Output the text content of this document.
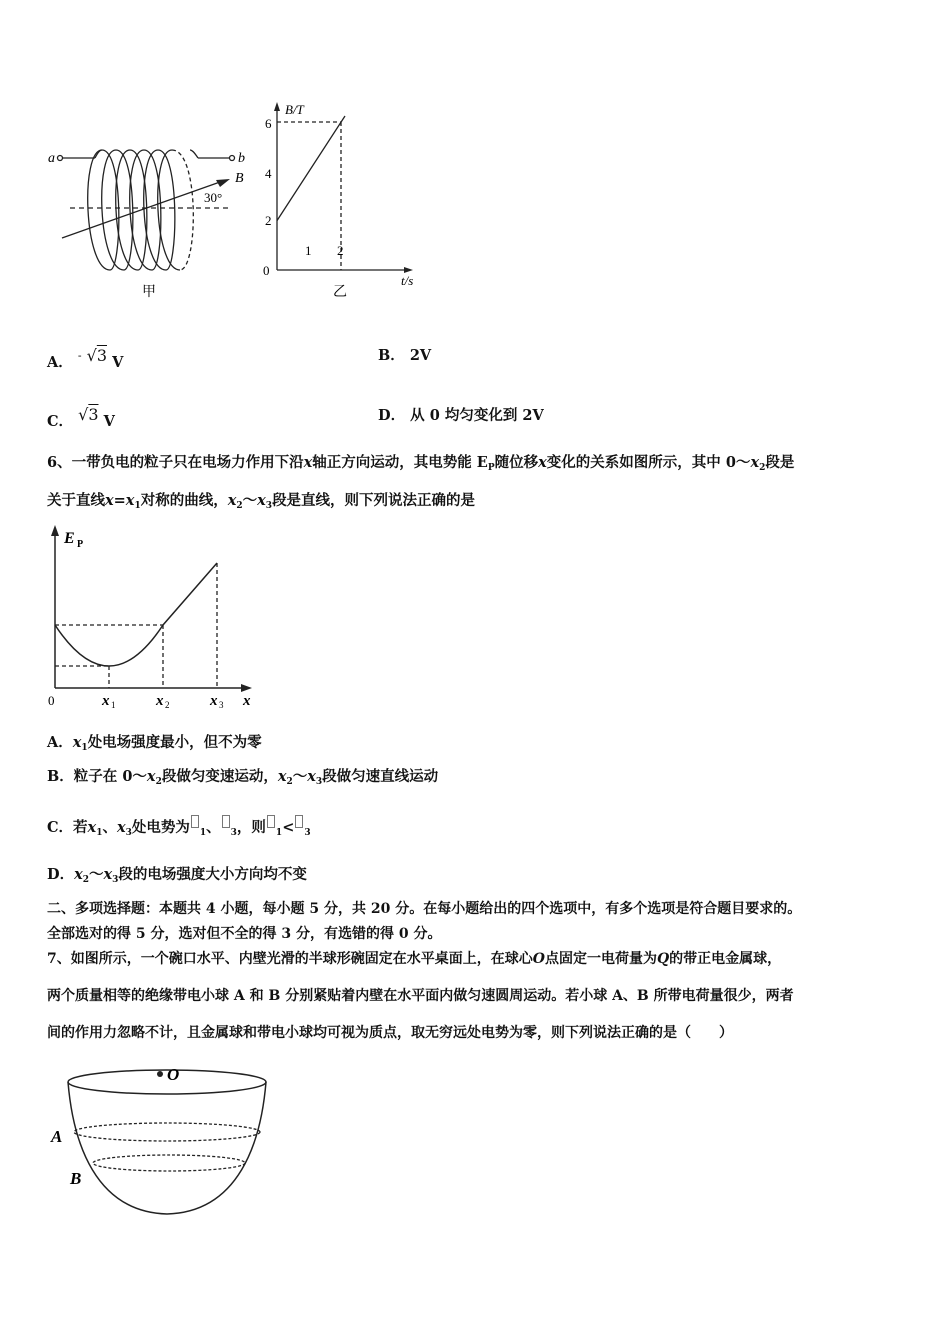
a	b
B
30°
甲
B/T
0
2
4
6
1 2
t/s
乙
A． - √3 V	B． 2V
C． √3 V	D． 从 0 均匀变化到 2V
6、一带负电的粒子只在电场力作用下沿x轴正方向运动，其电势能 $E_P$随位移x变化的关系如图所示，其中 $0\sim x_2$段是
关于直线$x=x_1$对称的曲线，$x_2\sim x_3$段是直线，则下列说法正确的是
E P
0	x 1	x 2	x 3 x
A．$x_1$处电场强度最小，但不为零
B．粒子在 $0\sim x_2$段做匀变速运动，$x_2\sim x_3$段做匀速直线运动
C．若$x_1$、$x_3$处电势为 $_1$、 $_3$，则 $_1$< $_3$
D．$x_2\sim x_3$段的电场强度大小方向均不变
二、多项选择题：本题共 4 小题，每小题 5 分，共 20 分。在每小题给出的四个选项中，有多个选项是符合题目要求的。
全部选对的得 5 分，选对但不全的得 3 分，有选错的得 0 分。
7、如图所示，一个碗口水平、内壁光滑的半球形碗固定在水平桌面上，在球心O点固定一电荷量为Q的带正电金属球，
两个质量相等的绝缘带电小球 A 和 B 分别紧贴着内壁在水平面内做匀速圆周运动。若小球 A、B 所带电荷量很少，两者
间的作用力忽略不计，且金属球和带电小球均可视为质点，取无穷远处电势为零，则下列说法正确的是（　　）
O
A
B
